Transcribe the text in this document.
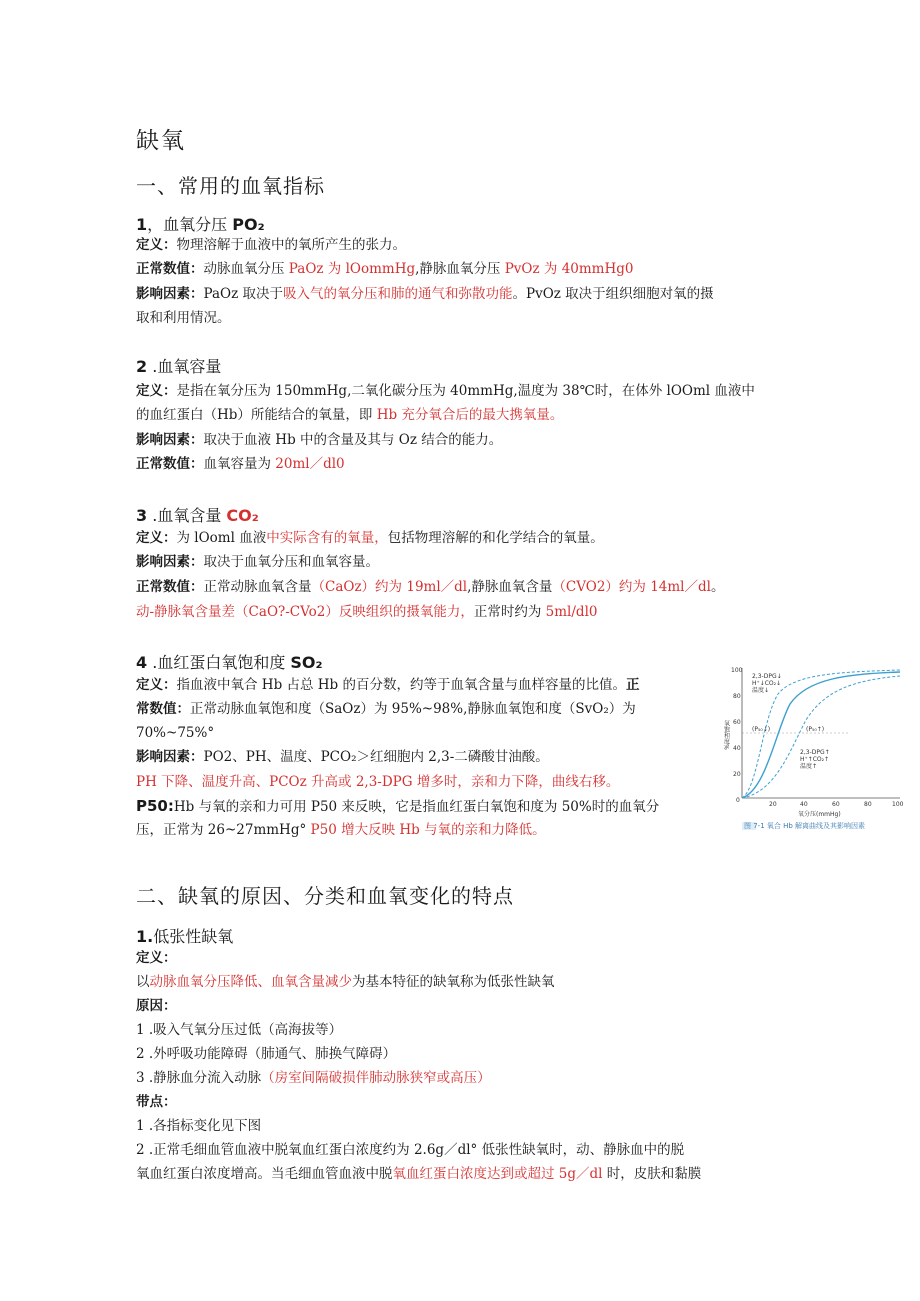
缺氧
一、常用的血氧指标
1，血氧分压 PO₂
定义：物理溶解于血液中的氧所产生的张力。
正常数值：动脉血氧分压 PaOz 为 lOommHg,静脉血氧分压 PvOz 为 40mmHg0
影响因素：PaOz 取决于吸入气的氧分压和肺的通气和弥散功能。PvOz 取决于组织细胞对氧的摄
取和利用情况。
2 .血氧容量
定义：是指在氧分压为 150mmHg,二氧化碳分压为 40mmHg,温度为 38℃时，在体外 lOOml 血液中
的血红蛋白（Hb）所能结合的氧量，即 Hb 充分氧合后的最大携氧量。
影响因素：取决于血液 Hb 中的含量及其与 Oz 结合的能力。
正常数值：血氧容量为 20ml／dl0
3 .血氧含量 CO₂
定义：为 lOoml 血液中实际含有的氧量，包括物理溶解的和化学结合的氧量。
影响因素：取决于血氧分压和血氧容量。
正常数值：正常动脉血氧含量（CaOz）约为 19ml／dl,静脉血氧含量（CVO2）约为 14ml／dl。
动-静脉氧含量差（CaO?-CVo2）反映组织的摄氧能力，正常时约为 5ml/dl0
4 .血红蛋白氧饱和度 SO₂
定义：指血液中氧合 Hb 占总 Hb 的百分数，约等于血氧含量与血样容量的比值。正
常数值：正常动脉血氧饱和度（SaOz）为 95%~98%,静脉血氧饱和度（SvO₂）为
70%~75%°
影响因素：PO2、PH、温度、PCO₂＞红细胞内 2,3-二磷酸甘油酸。
PH 下降、温度升高、PCOz 升高或 2,3-DPG 增多时，亲和力下降，曲线右移。
P50:Hb 与氧的亲和力可用 P50 来反映，它是指血红蛋白氧饱和度为 50%时的血氧分
压，正常为 26~27mmHg° P50 增大反映 Hb 与氧的亲和力降低。
100
80
60
40
20
0
氧饱和度%
20	40	60	80	100
氧分压(mmHg)
2,3-DPG↓
H⁺↓CO₂↓
温度↓
2,3-DPG↑
H⁺↑CO₂↑
温度↑
(P₅₀↓)	(P₅₀↑)
图 7-1 氧合 Hb 解离曲线及其影响因素
二、缺氧的原因、分类和血氧变化的特点
1.低张性缺氧
定义：
以动脉血氧分压降低、血氧含量减少为基本特征的缺氧称为低张性缺氧
原因：
1 .吸入气氧分压过低（高海拔等）
2 .外呼吸功能障碍（肺通气、肺换气障碍）
3 .静脉血分流入动脉（房室间隔破损伴肺动脉狭窄或高压）
带点：
1 .各指标变化见下图
2 .正常毛细血管血液中脱氧血红蛋白浓度约为 2.6g／dl° 低张性缺氧时，动、静脉血中的脱
氧血红蛋白浓度增高。当毛细血管血液中脱氧血红蛋白浓度达到或超过 5g／dl 时，皮肤和黏膜
